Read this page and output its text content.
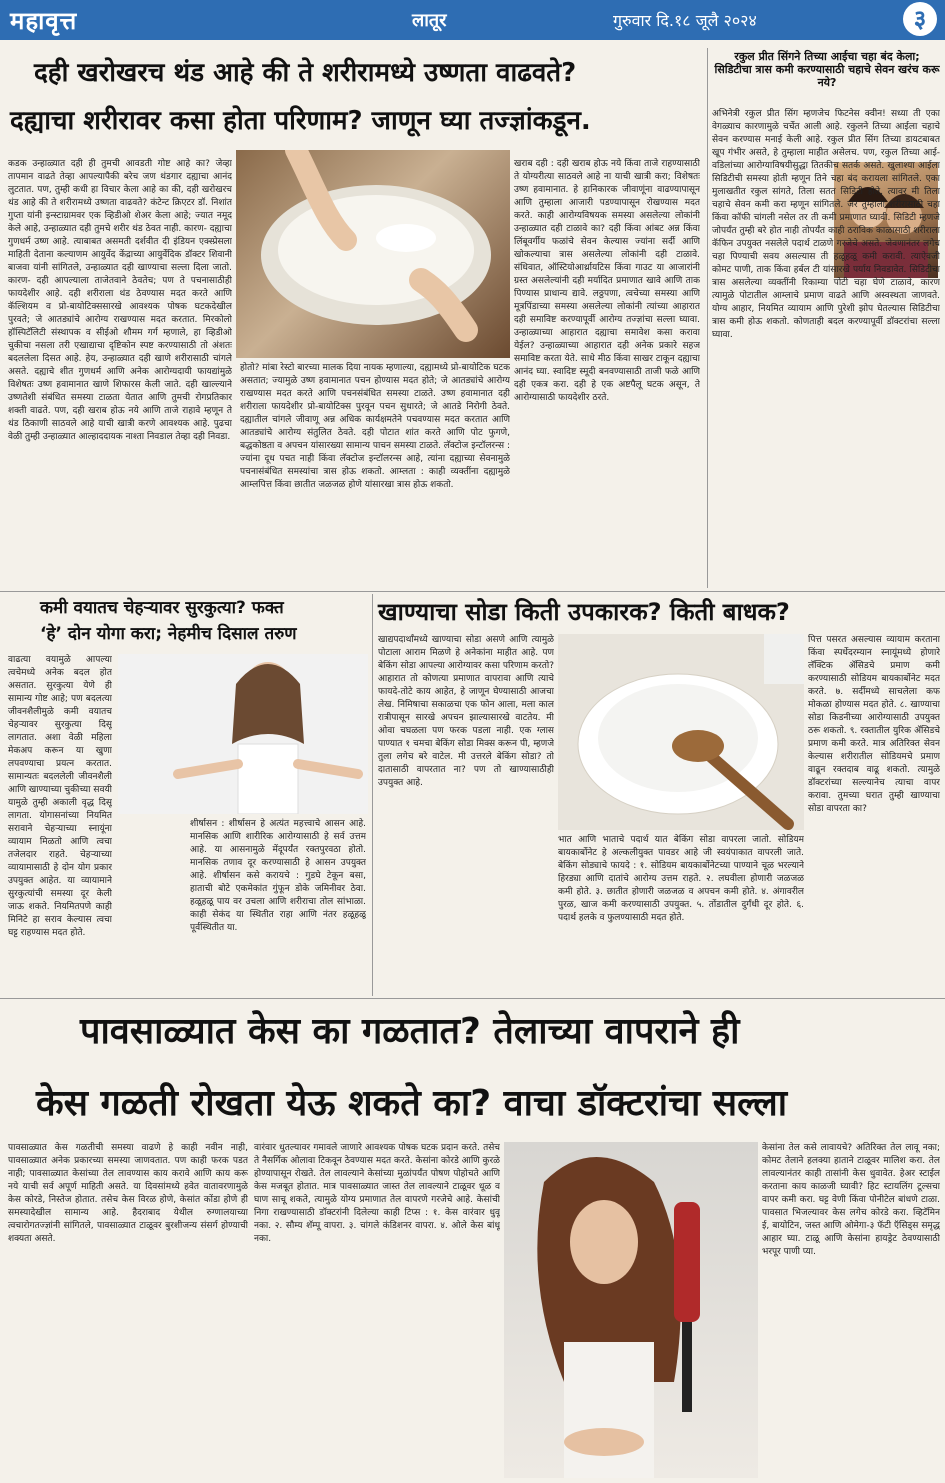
महावृत्त	लातूर	गुरुवार दि.१८ जूलै २०२४	३
दही खरोखरच थंड आहे की ते शरीरामध्ये उष्णता वाढवते?
दह्याचा शरीरावर कसा होता परिणाम? जाणून घ्या तज्ज्ञांकडून.
कडक उन्हाळ्यात दही ही तुमची आवडती गोष्ट आहे का? जेव्हा तापमान वाढते तेव्हा आपल्यापैकी बरेच जण थंडगार दह्याचा आनंद लुटतात. पण, तुम्ही कधी हा विचार केला आहे का की, दही खरोखरच थंड आहे की ते शरीरामध्ये उष्णता वाढवते? कंटेन्ट क्रिएटर डॉ. निशांत गुप्ता यांनी इन्स्टाग्रामवर एक व्हिडीओ शेअर केला आहे; ज्यात नमूद केले आहे, उन्हाळ्यात दही तुमचे शरीर थंड ठेवत नाही. कारण- दह्याचा गुणधर्म उष्ण आहे. त्याबाबत असमती दर्शवीत दी इंडियन एक्स्प्रेसला माहिती देताना कल्याणम आयुर्वेद केंद्राच्या आयुर्वेदिक डॉक्टर शिवानी बाजवा यांनी सांगितले, उन्हाळ्यात दही खाण्याचा सल्ला दिला जातो. कारण- दही आपल्याला ताजेतवाने ठेवतेच; पण ते पचनासाठीही फायदेशीर आहे. दही शरीराला थंड ठेवण्यास मदत करते आणि कॅल्शियम व प्रो-बायोटिक्ससारखे आवश्यक पोषक घटकदेखील पुरवते; जे आतड्यांचे आरोग्य राखण्यास मदत करतात. मिरकोलो हॉस्पिटॅलिटी संस्थापक व सीईओ शौमम गर्ग म्हणाले, हा व्हिडीओ चुकीचा नसला तरी एखाद्याचा दृष्टिकोन स्पष्ट करण्यासाठी तो अंशतः बदललेला दिसत आहे. हेय, उन्हाळ्यात दही खाणे शरीरासाठी चांगले असते. दह्याचे शीत गुणधर्म आणि अनेक आरोग्यदायी फायद्यांमुळे विशेषतः उष्ण हवामानात खाणे शिफारस केली जाते. दही खाल्ल्याने उष्णतेशी संबंधित समस्या टाळता येतात आणि तुमची रोगप्रतिकार शक्ती वाढते. पण, दही खराब होऊ नये आणि ताजे राहावे म्हणून ते थंड ठिकाणी साठवले आहे याची खात्री करणे आवश्यक आहे. पुढचा वेळी तुम्ही उन्हाळ्यात आल्हाददायक नाश्ता निवडाल तेव्हा दही निवडा.
होतो? मांबा रेस्टो बारच्या मालक दिया नायक म्हणाल्या, दह्यामध्ये प्रो-बायोटिक घटक असतात; ज्यामुळे उष्ण हवामानात पचन होण्यास मदत होते; जे आतड्यांचे आरोग्य राखण्यास मदत करते आणि पचनसंबंधित समस्या टाळते. उष्ण हवामानात दही शरीराला फायदेशीर प्रो-बायोटिक्स पुरवून पचन सुधारते; जे आतडे निरोगी ठेवते. दह्यातील चांगले जीवाणू अन्न अधिक कार्यक्षमतेने पचवण्यास मदत करतात आणि आतड्यांचे आरोग्य संतुलित ठेवते. दही पोटात शांत करते आणि पोट फुगणे, बद्धकोष्ठता व अपचन यांसारख्या सामान्य पाचन समस्या टाळते. लॅक्टोज इन्टॉलरन्स : ज्यांना दूध पचत नाही किंवा लॅक्टोज इन्टॉलरन्स आहे, त्यांना दह्याच्या सेवनामुळे पचनासंबंधित समस्यांचा त्रास होऊ शकतो. आम्लता : काही व्यक्तींना दह्यामुळे आम्लपित्त किंवा छातीत जळजळ होणे यांसारखा त्रास होऊ शकतो.
खराब दही : दही खराब होऊ नये किंवा ताजे राहण्यासाठी ते योग्यरीत्या साठवले आहे ना याची खात्री करा; विशेषतः उष्ण हवामानात. हे हानिकारक जीवाणूंना वाढण्यापासून आणि तुम्हाला आजारी पडण्यापासून रोखण्यास मदत करते. काही आरोग्यविषयक समस्या असलेल्या लोकांनी उन्हाळ्यात दही टाळावे का? दही किंवा आंबट अन्न किंवा लिंबूवर्गीय फळांचे सेवन केल्यास ज्यांना सर्दी आणि खोकल्याचा त्रास असलेल्या लोकांनी दही टाळावे. संधिवात, ऑस्टियोआर्थ्रायटिस किंवा गाउट या आजारांनी ग्रस्त असलेल्यांनी दही मर्यादित प्रमाणात खावे आणि ताक पिण्यास प्राधान्य द्यावे. लठ्ठपणा, त्वचेच्या समस्या आणि मूत्रपिंडाच्या समस्या असलेल्या लोकांनी त्यांच्या आहारात दही समाविष्ट करण्यापूर्वी आरोग्य तज्ज्ञांचा सल्ला घ्यावा. उन्हाळ्याच्या आहारात दह्याचा समावेश कसा करावा येईल? उन्हाळ्याच्या आहारात दही अनेक प्रकारे सहज समाविष्ट करता येते. साधे मीठ किंवा साखर टाकून दह्याचा आनंद घ्या. स्वादिष्ट स्मूदी बनवण्यासाठी ताजी फळे आणि दही एकत्र करा. दही हे एक अष्टपैलू घटक असून, ते आरोग्यासाठी फायदेशीर ठरते.
रकुल प्रीत सिंगने तिच्या आईचा चहा बंद केला; सिडिटीचा त्रास कमी करण्यासाठी चहाचे सेवन खरंच करू नये?
अभिनेत्री रकुल प्रीत सिंग म्हणजेच फिटनेस क्वीन! सध्या ती एका वेगळ्याच कारणामुळे चर्चेत आली आहे. रकुलने तिच्या आईला चहाचे सेवन करण्यास मनाई केली आहे. रकुल प्रीत सिंग तिच्या डायटबाबत खूप गंभीर असते, हे तुम्हाला माहीत असेलच. पण, रकुल तिच्या आई-वडिलांच्या आरोग्याविषयीसुद्धा तितकीच सतर्क असते. खुलाश्या आईला सिडिटीची समस्या होती म्हणून तिने चहा बंद करायला सांगितले. एका मुलाखतीत रकुल सांगते, तिला सतत सिडिटी होते, त्यावर मी तिला चहाचे सेवन कमी करा म्हणून सांगितले. जर तुम्हाला शरीरासाठी चहा किंवा कॉफी चांगली नसेल तर ती कमी प्रमाणात घ्यावी. सिडिटी म्हणजे जोपर्यंत तुम्ही बरे होत नाही तोपर्यंत काही ठराविक काळासाठी शरीराला कॅफिन उपयुक्त नसलेले पदार्थ टाळणे गरजेचे असते. जेवणानंतर लगेच चहा पिण्याची सवय असल्यास ती हळूहळू कमी करावी. त्याऐवजी कोमट पाणी, ताक किंवा हर्बल टी यांसारखे पर्याय निवडावेत. सिडिटीचा त्रास असलेल्या व्यक्तींनी रिकाम्या पोटी चहा घेणे टाळावे, कारण त्यामुळे पोटातील आम्लाचे प्रमाण वाढते आणि अस्वस्थता जाणवते. योग्य आहार, नियमित व्यायाम आणि पुरेशी झोप घेतल्यास सिडिटीचा त्रास कमी होऊ शकतो. कोणताही बदल करण्यापूर्वी डॉक्टरांचा सल्ला घ्यावा.
कमी वयातच चेहऱ्यावर सुरकुत्या? फक्त
‘हे’ दोन योगा करा; नेहमीच दिसाल तरुण
वाढत्या वयामुळे आपल्या त्वचेमध्ये अनेक बदल होत असतात. सुरकुत्या येणे ही सामान्य गोष्ट आहे; पण बदलत्या जीवनशैलीमुळे कमी वयातच चेहऱ्यावर सुरकुत्या दिसू लागतात. अशा वेळी महिला मेकअप करून या खुणा लपवण्याचा प्रयत्न करतात. सामान्यतः बदललेली जीवनशैली आणि खाण्याच्या चुकीच्या सवयी यामुळे तुम्ही अकाली वृद्ध दिसू लागता. योगासनांच्या नियमित सरावाने चेहऱ्याच्या स्नायूंना व्यायाम मिळतो आणि त्वचा तजेलदार राहते. चेहऱ्याच्या व्यायामासाठी हे दोन योग प्रकार उपयुक्त आहेत. या व्यायामाने सुरकुत्यांची समस्या दूर केली जाऊ शकते. नियमितपणे काही मिनिटे हा सराव केल्यास त्वचा घट्ट राहण्यास मदत होते.
शीर्षासन : शीर्षासन हे अत्यंत महत्त्वाचे आसन आहे. मानसिक आणि शारीरिक आरोग्यासाठी हे सर्व उत्तम आहे. या आसनामुळे मेंदूपर्यंत रक्तपुरवठा होतो. मानसिक तणाव दूर करण्यासाठी हे आसन उपयुक्त आहे. शीर्षासन कसे करायचे : गुडघे टेकून बसा, हाताची बोटे एकमेकांत गुंफून डोके जमिनीवर ठेवा. हळूहळू पाय वर उचला आणि शरीराचा तोल सांभाळा. काही सेकंद या स्थितीत राहा आणि नंतर हळूहळू पूर्वस्थितीत या.
खाण्याचा सोडा किती उपकारक? किती बाधक?
खाद्यपदार्थांमध्ये खाण्याचा सोडा असणे आणि त्यामुळे पोटाला आराम मिळणे हे अनेकांना माहीत आहे. पण बेकिंग सोडा आपल्या आरोग्यावर कसा परिणाम करतो? आहारात तो कोणत्या प्रमाणात वापरावा आणि त्याचे फायदे-तोटे काय आहेत, हे जाणून घेण्यासाठी आजचा लेख. निमिषाचा सकाळचा एक फोन आला, मला काल रात्रीपासून सारखे अपचन झाल्यासारखे वाटतेय. मी ओवा चघळला पण फरक पडला नाही. एक ग्लास पाण्यात १ चमचा बेकिंग सोडा मिक्स करून पी, म्हणजे तुला लगेच बरे वाटेल. मी उत्तरले बेकिंग सोडा? तो दातासाठी वापरतात ना? पण तो खाण्यासाठीही उपयुक्त आहे.
भात आणि भाताचे पदार्थ यात बेकिंग सोडा वापरला जातो. सोडियम बायकार्बोनेट हे अल्कलीयुक्त पावडर आहे जी स्वयंपाकात वापरली जाते. बेकिंग सोड्याचे फायदे : १. सोडियम बायकार्बोनेटच्या पाण्याने चूळ भरल्याने हिरड्या आणि दातांचे आरोग्य उत्तम राहते. २. लघवीला होणारी जळजळ कमी होते. ३. छातीत होणारी जळजळ व अपचन कमी होते. ४. अंगावरील पुरळ, खाज कमी करण्यासाठी उपयुक्त. ५. तोंडातील दुर्गंधी दूर होते. ६. पदार्थ हलके व फुलण्यासाठी मदत होते.
पित्त पसरत असल्यास व्यायाम करताना किंवा स्पर्धेदरम्यान स्नायूंमध्ये होणारे लॅक्टिक ॲसिडचे प्रमाण कमी करण्यासाठी सोडियम बायकार्बोनेट मदत करते. ७. सर्दीमध्ये साचलेला कफ मोकळा होण्यास मदत होते. ८. खाण्याचा सोडा किडनीच्या आरोग्यासाठी उपयुक्त ठरू शकतो. ९. रक्तातील युरिक ॲसिडचे प्रमाण कमी करते. मात्र अतिरिक्त सेवन केल्यास शरीरातील सोडियमचे प्रमाण वाढून रक्तदाब वाढू शकतो. त्यामुळे डॉक्टरांच्या सल्ल्यानेच त्याचा वापर करावा. तुमच्या घरात तुम्ही खाण्याचा सोडा वापरता का?
पावसाळ्यात केस का गळतात? तेलाच्या वापराने ही
केस गळती रोखता येऊ शकते का? वाचा डॉक्टरांचा सल्ला
पावसाळ्यात केस गळतीची समस्या वाढणे हे काही नवीन नाही, पावसाळ्यात अनेक प्रकारच्या समस्या जाणवतात. पण काही फरक पडत नाही; पावसाळ्यात केसांच्या तेल लावण्यास काय करावे आणि काय करू नये याची सर्व अपूर्ण माहिती असते. या दिवसांमध्ये हवेत वातावरणामुळे केस कोरडे, निस्तेज होतात. तसेच केस विरळ होणे, केसांत कोंडा होणे ही समस्यादेखील सामान्य आहे. हैदराबाद येथील रुग्णालयाच्या त्वचारोगतज्ज्ञांनी सांगितले, पावसाळ्यात टाळूवर बुरशीजन्य संसर्ग होण्याची शक्यता असते.
वारंवार धुतल्यावर गमावले जाणारे आवश्यक पोषक घटक प्रदान करते. तसेच ते नैसर्गिक ओलावा टिकवून ठेवण्यास मदत करते. केसांना कोरडे आणि कुरळे होण्यापासून रोखते. तेल लावल्याने केसांच्या मुळांपर्यंत पोषण पोहोचते आणि केस मजबूत होतात. मात्र पावसाळ्यात जास्त तेल लावल्याने टाळूवर धूळ व घाण साचू शकते, त्यामुळे योग्य प्रमाणात तेल वापरणे गरजेचे आहे. केसांची निगा राखण्यासाठी डॉक्टरांनी दिलेल्या काही टिप्स : १. केस वारंवार धुवू नका. २. सौम्य शॅम्पू वापरा. ३. चांगले कंडिशनर वापरा. ४. ओले केस बांधू नका.
केसांना तेल कसे लावायचे? अतिरिक्त तेल लावू नका; कोमट तेलाने हलक्या हाताने टाळूवर मालिश करा. तेल लावल्यानंतर काही तासांनी केस धुवावेत. हेअर स्टाईल करताना काय काळजी घ्यावी? हिट स्टायलिंग टूल्सचा वापर कमी करा. घट्ट वेणी किंवा पोनीटेल बांधणे टाळा. पावसात भिजल्यावर केस लगेच कोरडे करा. व्हिटॅमिन ई, बायोटिन, जस्त आणि ओमेगा-३ फॅटी ऍसिड्स समृद्ध आहार घ्या. टाळू आणि केसांना हायड्रेट ठेवण्यासाठी भरपूर पाणी प्या.
